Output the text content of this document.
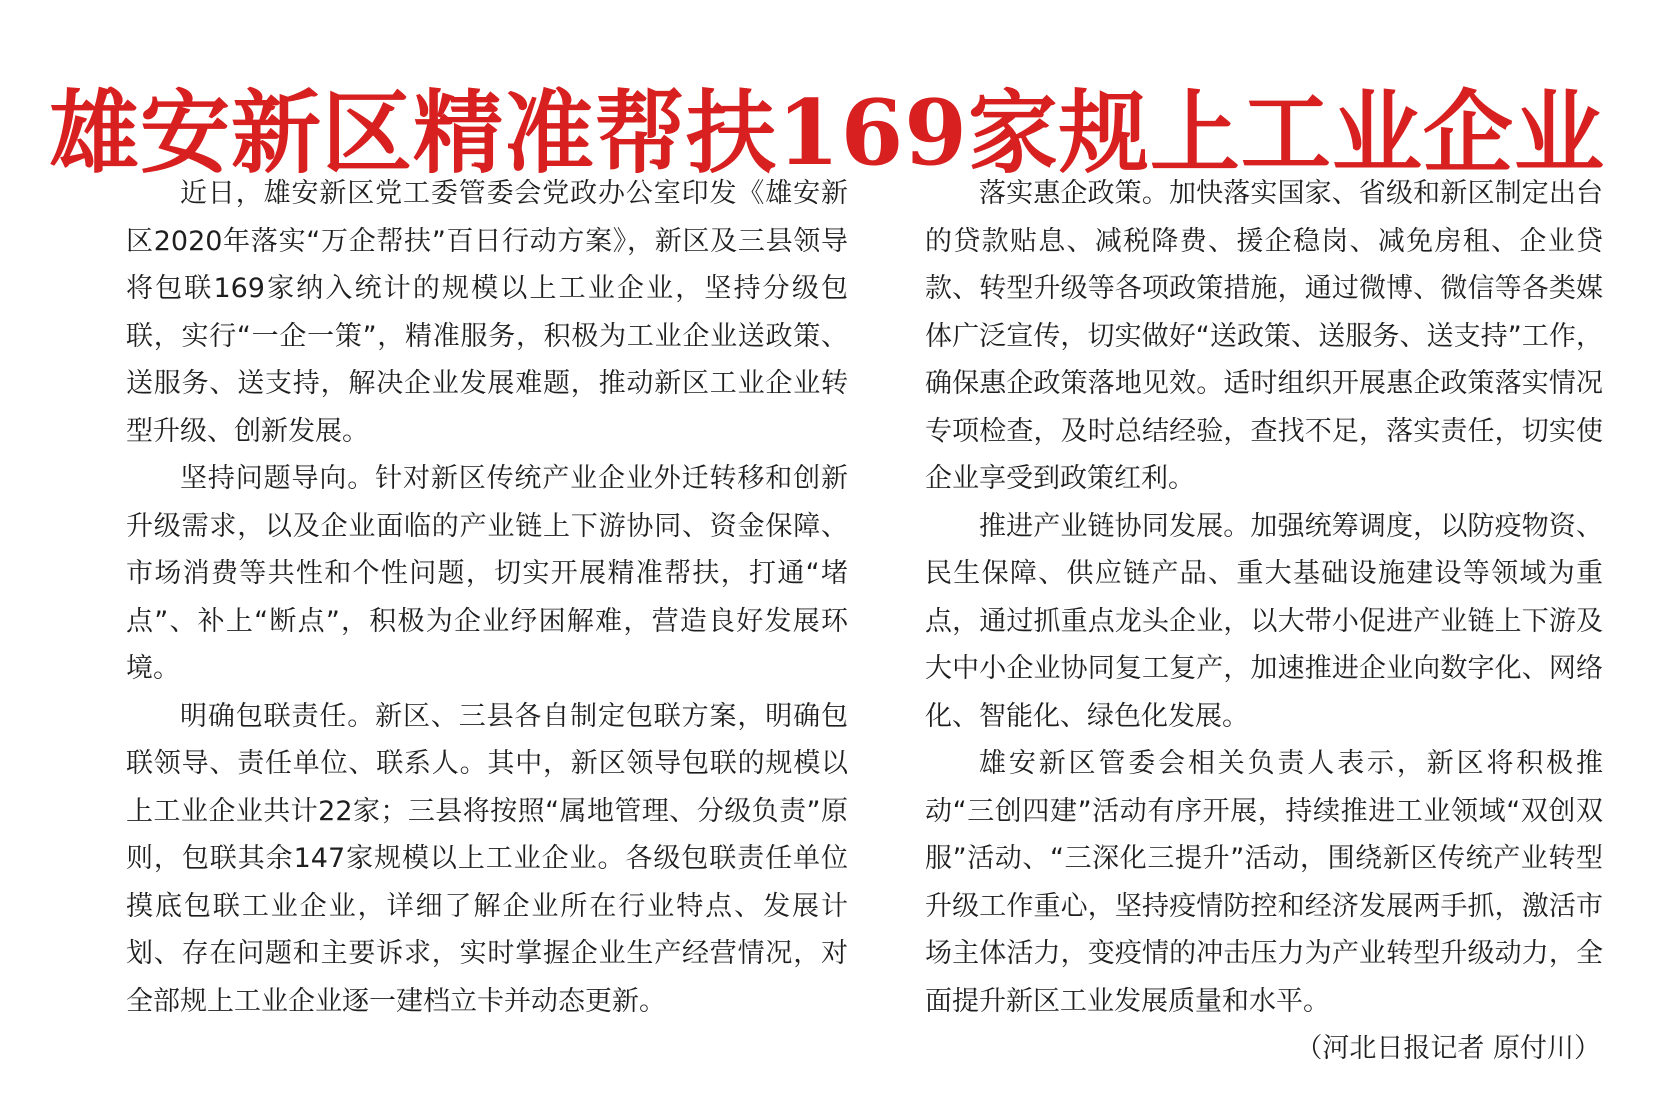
雄安新区精准帮扶169家规上工业企业

近日，雄安新区党工委管委会党政办公室印发《雄安新区2020年落实“万企帮扶”百日行动方案》，新区及三县领导将包联169家纳入统计的规模以上工业企业，坚持分级包联，实行“一企一策”，精准服务，积极为工业企业送政策、送服务、送支持，解决企业发展难题，推动新区工业企业转型升级、创新发展。

坚持问题导向。针对新区传统产业企业外迁转移和创新升级需求，以及企业面临的产业链上下游协同、资金保障、市场消费等共性和个性问题，切实开展精准帮扶，打通“堵点”、补上“断点”，积极为企业纾困解难，营造良好发展环境。

明确包联责任。新区、三县各自制定包联方案，明确包联领导、责任单位、联系人。其中，新区领导包联的规模以上工业企业共计22家；三县将按照“属地管理、分级负责”原则，包联其余147家规模以上工业企业。各级包联责任单位摸底包联工业企业，详细了解企业所在行业特点、发展计划、存在问题和主要诉求，实时掌握企业生产经营情况，对全部规上工业企业逐一建档立卡并动态更新。

落实惠企政策。加快落实国家、省级和新区制定出台的贷款贴息、减税降费、援企稳岗、减免房租、企业贷款、转型升级等各项政策措施，通过微博、微信等各类媒体广泛宣传，切实做好“送政策、送服务、送支持”工作，确保惠企政策落地见效。适时组织开展惠企政策落实情况专项检查，及时总结经验，查找不足，落实责任，切实使企业享受到政策红利。

推进产业链协同发展。加强统筹调度，以防疫物资、民生保障、供应链产品、重大基础设施建设等领域为重点，通过抓重点龙头企业，以大带小促进产业链上下游及大中小企业协同复工复产，加速推进企业向数字化、网络化、智能化、绿色化发展。

雄安新区管委会相关负责人表示，新区将积极推动“三创四建”活动有序开展，持续推进工业领域“双创双服”活动、“三深化三提升”活动，围绕新区传统产业转型升级工作重心，坚持疫情防控和经济发展两手抓，激活市场主体活力，变疫情的冲击压力为产业转型升级动力，全面提升新区工业发展质量和水平。

（河北日报记者 原付川）
